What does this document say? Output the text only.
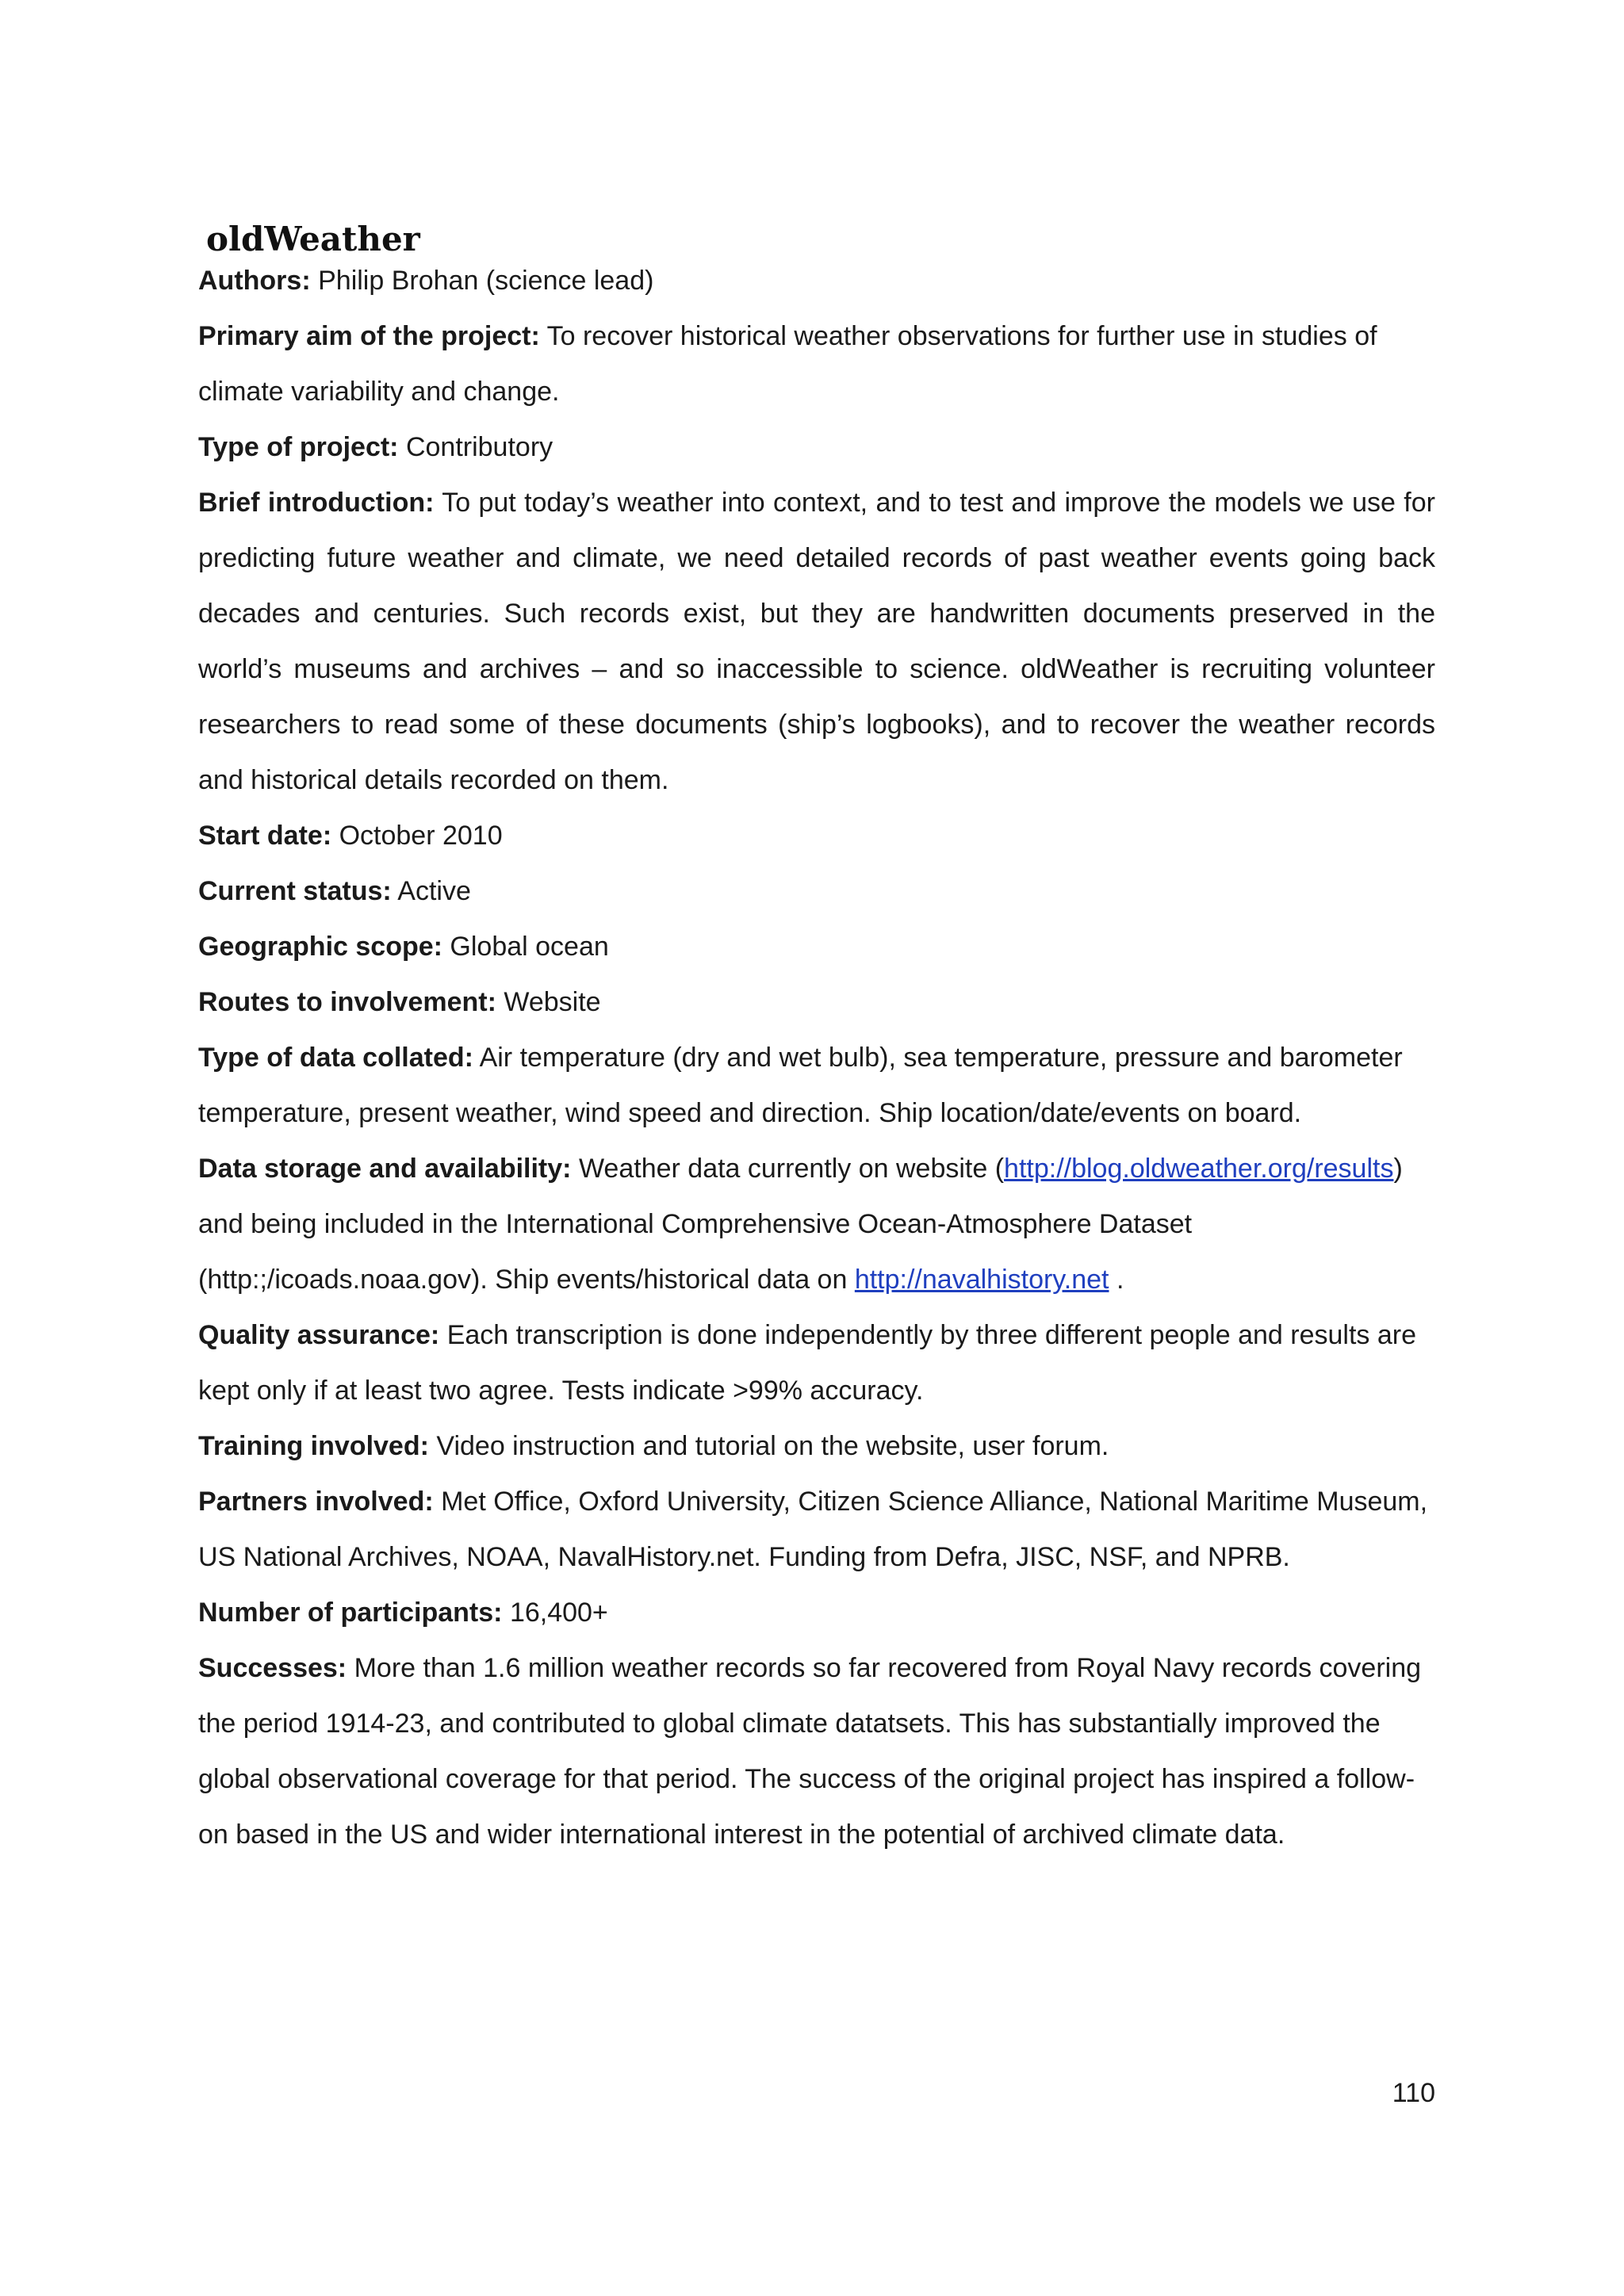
oldWeather

Authors: Philip Brohan (science lead)

Primary aim of the project: To recover historical weather observations for further use in studies of climate variability and change.

Type of project: Contributory

Brief introduction: To put today’s weather into context, and to test and improve the models we use for predicting future weather and climate, we need detailed records of past weather events going back decades and centuries. Such records exist, but they are handwritten documents preserved in the world’s museums and archives – and so inaccessible to science. oldWeather is recruiting volunteer researchers to read some of these documents (ship’s logbooks), and to recover the weather records and historical details recorded on them.

Start date: October 2010

Current status: Active

Geographic scope: Global ocean

Routes to involvement: Website

Type of data collated: Air temperature (dry and wet bulb), sea temperature, pressure and barometer temperature, present weather, wind speed and direction. Ship location/date/events on board.

Data storage and availability: Weather data currently on website (http://blog.oldweather.org/results) and being included in the International Comprehensive Ocean-Atmosphere Dataset (http:;/icoads.noaa.gov). Ship events/historical data on http://navalhistory.net .

Quality assurance: Each transcription is done independently by three different people and results are kept only if at least two agree. Tests indicate >99% accuracy.

Training involved: Video instruction and tutorial on the website, user forum.

Partners involved: Met Office, Oxford University, Citizen Science Alliance, National Maritime Museum, US National Archives, NOAA, NavalHistory.net. Funding from Defra, JISC, NSF, and NPRB.

Number of participants: 16,400+

Successes: More than 1.6 million weather records so far recovered from Royal Navy records covering the period 1914-23, and contributed to global climate datatsets. This has substantially improved the global observational coverage for that period. The success of the original project has inspired a follow-on based in the US and wider international interest in the potential of archived climate data.

110
